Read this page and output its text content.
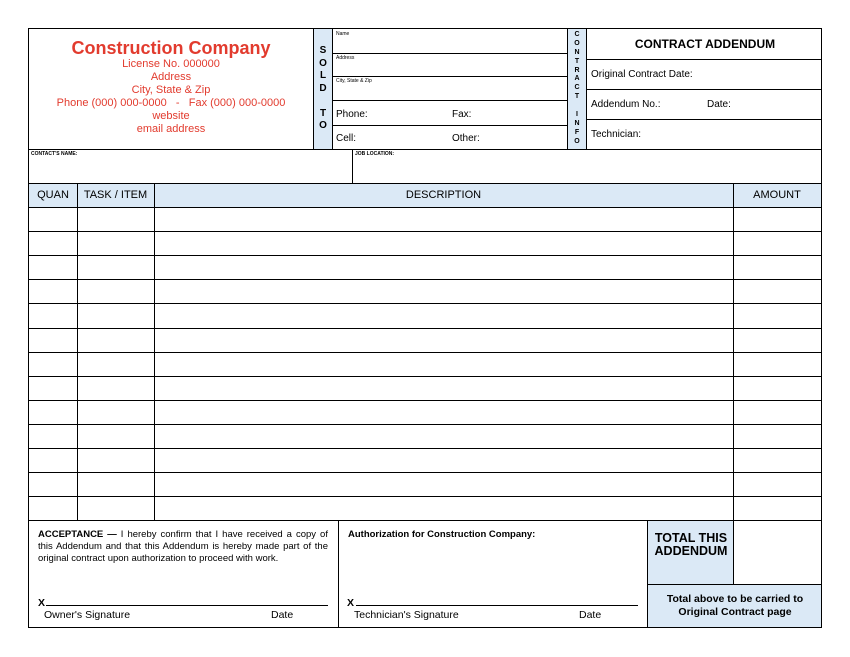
Construction Company
License No. 000000
Address
City, State & Zip
Phone (000) 000-0000   -   Fax (000) 000-0000
website
email address
S
O
L
D
T
O
Name
Address
City, State & Zip
Phone:	Fax:
Cell:	Other:
C
O
N
T
R
A
C
T
I
N
F
O
CONTRACT ADDENDUM
Original Contract Date:
Addendum No.:	Date:
Technician:
CONTACT'S NAME:	JOB LOCATION:
QUAN	TASK / ITEM	DESCRIPTION	AMOUNT
ACCEPTANCE — I hereby confirm that I have received a copy of this Addendum and that this Addendum is hereby made part of the original contract upon authorization to proceed with work.
X
Owner's Signature	Date
Authorization for Construction Company:
X
Technician's Signature	Date
TOTAL THIS ADDENDUM
Total above to be carried to Original Contract page
